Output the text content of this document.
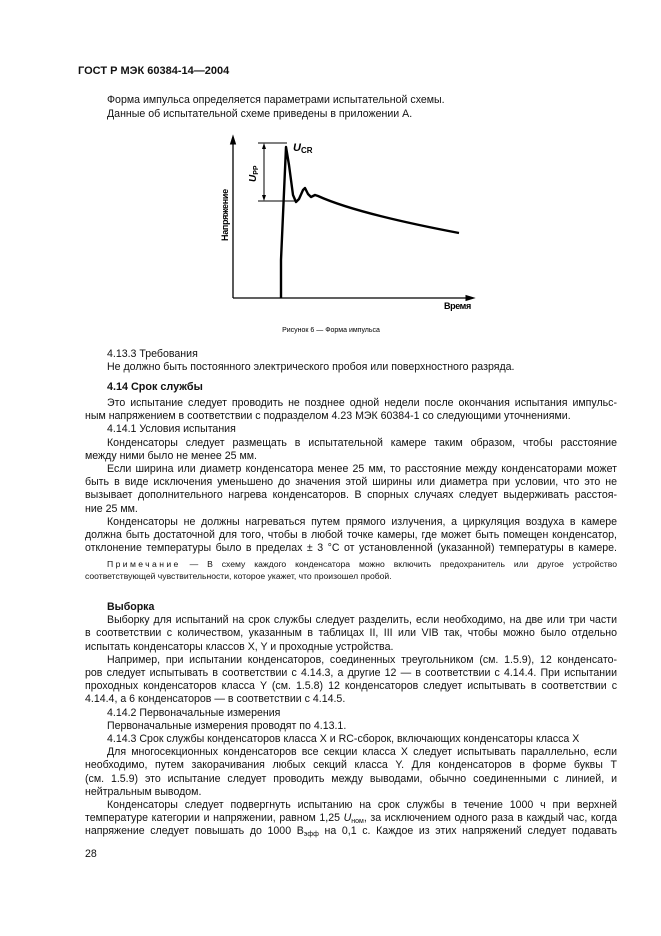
ГОСТ Р МЭК 60384-14—2004
Форма импульса определяется параметрами испытательной схемы.
Данные об испытательной схеме приведены в приложении А.
UCR
$U_{PP}$
Напряжение
Время
Рисунок 6 — Форма импульса
4.13.3 Требования
Не должно быть постоянного электрического пробоя или поверхностного разряда.
4.14 Срок службы
Это испытание следует проводить не позднее одной недели после окончания испытания импульс-
ным напряжением в соответствии с подразделом 4.23 МЭК 60384-1 со следующими уточнениями.
4.14.1 Условия испытания
Конденсаторы следует размещать в испытательной камере таким образом, чтобы расстояние
между ними было не менее 25 мм.
Если ширина или диаметр конденсатора менее 25 мм, то расстояние между конденсаторами может
быть в виде исключения уменьшено до значения этой ширины или диаметра при условии, что это не
вызывает дополнительного нагрева конденсаторов. В спорных случаях следует выдерживать расстоя-
ние 25 мм.
Конденсаторы не должны нагреваться путем прямого излучения, а циркуляция воздуха в камере
должна быть достаточной для того, чтобы в любой точке камеры, где может быть помещен конденсатор,
отклонение температуры было в пределах ± 3 °С от установленной (указанной) температуры в камере.
Примечание — В схему каждого конденсатора можно включить предохранитель или другое устройство
соответствующей чувствительности, которое укажет, что произошел пробой.
Выборка
Выборку для испытаний на срок службы следует разделить, если необходимо, на две или три части
в соответствии с количеством, указанным в таблицах II, III или VIB так, чтобы можно было отдельно
испытать конденсаторы классов X, Y и проходные устройства.
Например, при испытании конденсаторов, соединенных треугольником (см. 1.5.9), 12 конденсато-
ров следует испытывать в соответствии с 4.14.3, а другие 12 — в соответствии с 4.14.4. При испытании
проходных конденсаторов класса Y (см. 1.5.8) 12 конденсаторов следует испытывать в соответствии с
4.14.4, а 6 конденсаторов — в соответствии с 4.14.5.
4.14.2 Первоначальные измерения
Первоначальные измерения проводят по 4.13.1.
4.14.3 Срок службы конденсаторов класса X и RC-сборок, включающих конденсаторы класса X
Для многосекционных конденсаторов все секции класса X следует испытывать параллельно, если
необходимо, путем закорачивания любых секций класса Y. Для конденсаторов в форме буквы Т
(см. 1.5.9) это испытание следует проводить между выводами, обычно соединенными с линией, и
нейтральным выводом.
Конденсаторы следует подвергнуть испытанию на срок службы в течение 1000 ч при верхней
температуре категории и напряжении, равном 1,25 $U_{ном}$, за исключением одного раза в каждый час, когда
напряжение следует повышать до 1000 $В_{эфф}$ на 0,1 с. Каждое из этих напряжений следует подавать
28
